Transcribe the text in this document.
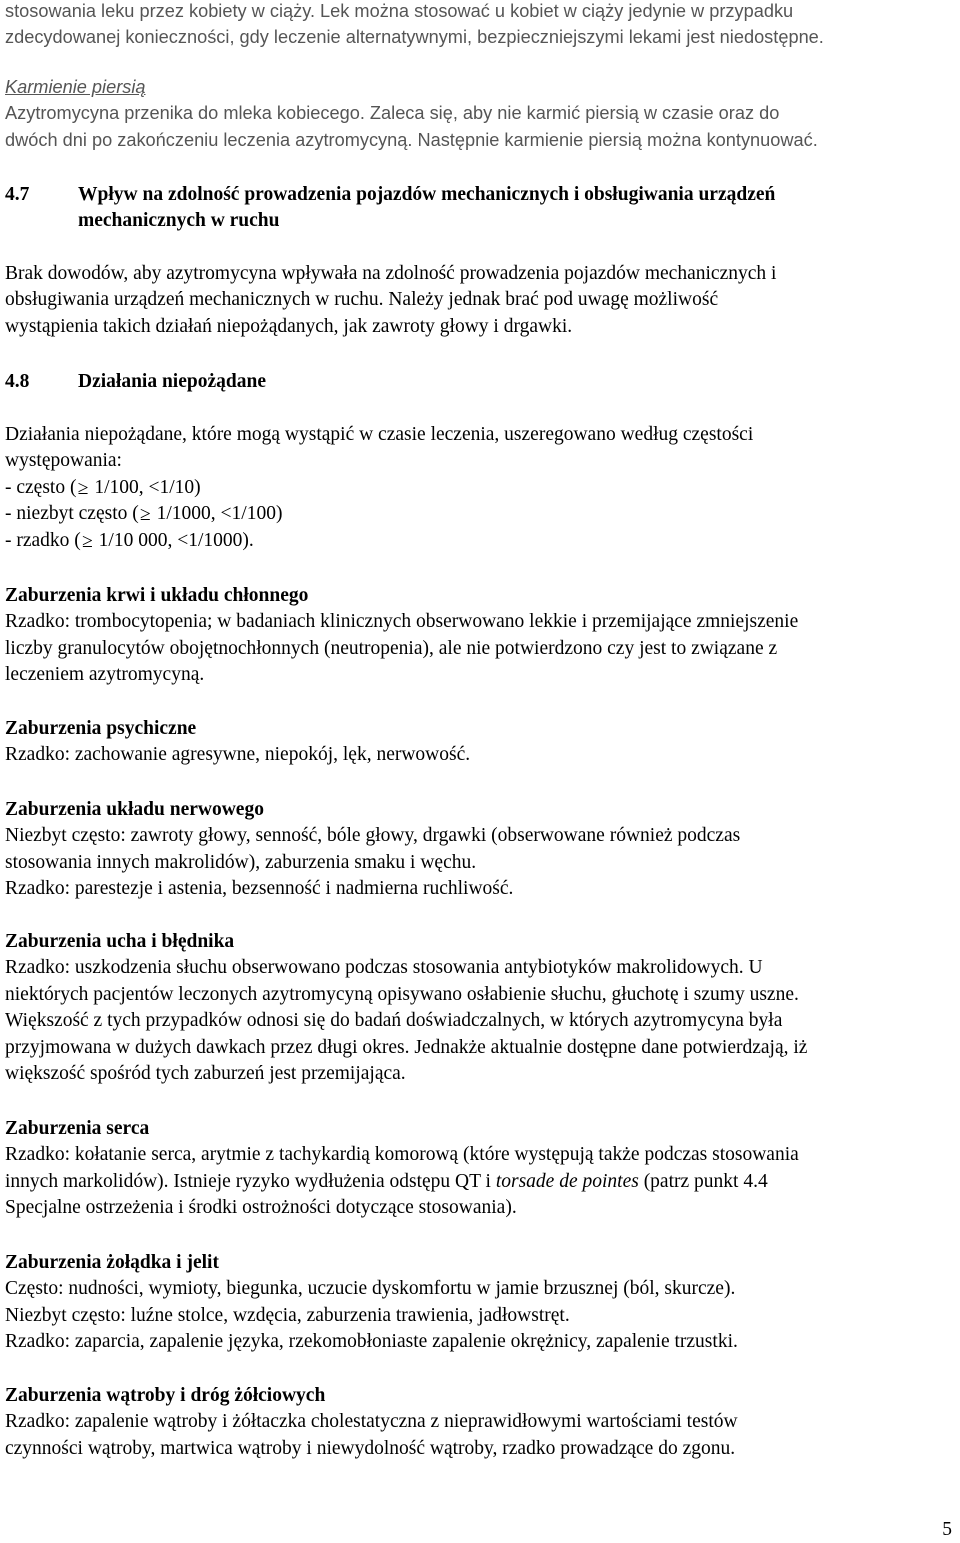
stosowania leku przez kobiety w ciąży. Lek można stosować u kobiet w ciąży jedynie w przypadku
zdecydowanej konieczności, gdy leczenie alternatywnymi, bezpieczniejszymi lekami jest niedostępne.
Karmienie piersią
Azytromycyna przenika do mleka kobiecego. Zaleca się, aby nie karmić piersią w czasie oraz do
dwóch dni po zakończeniu leczenia azytromycyną. Następnie karmienie piersią można kontynuować.
4.7 Wpływ na zdolność prowadzenia pojazdów mechanicznych i obsługiwania urządzeń
mechanicznych w ruchu
Brak dowodów, aby azytromycyna wpływała na zdolność prowadzenia pojazdów mechanicznych i
obsługiwania urządzeń mechanicznych w ruchu. Należy jednak brać pod uwagę możliwość
wystąpienia takich działań niepożądanych, jak zawroty głowy i drgawki.
4.8 Działania niepożądane
Działania niepożądane, które mogą wystąpić w czasie leczenia, uszeregowano według częstości
występowania:
- często (≥ 1/100, <1/10)
- niezbyt często (≥ 1/1000, <1/100)
- rzadko (≥ 1/10 000, <1/1000).
Zaburzenia krwi i układu chłonnego
Rzadko: trombocytopenia; w badaniach klinicznych obserwowano lekkie i przemijające zmniejszenie
liczby granulocytów obojętnochłonnych (neutropenia), ale nie potwierdzono czy jest to związane z
leczeniem azytromycyną.
Zaburzenia psychiczne
Rzadko: zachowanie agresywne, niepokój, lęk, nerwowość.
Zaburzenia układu nerwowego
Niezbyt często: zawroty głowy, senność, bóle głowy, drgawki (obserwowane również podczas
stosowania innych makrolidów), zaburzenia smaku i węchu.
Rzadko: parestezje i astenia, bezsenność i nadmierna ruchliwość.
Zaburzenia ucha i błędnika
Rzadko: uszkodzenia słuchu obserwowano podczas stosowania antybiotyków makrolidowych. U
niektórych pacjentów leczonych azytromycyną opisywano osłabienie słuchu, głuchotę i szumy uszne.
Większość z tych przypadków odnosi się do badań doświadczalnych, w których azytromycyna była
przyjmowana w dużych dawkach przez długi okres. Jednakże aktualnie dostępne dane potwierdzają, iż
większość spośród tych zaburzeń jest przemijająca.
Zaburzenia serca
Rzadko: kołatanie serca, arytmie z tachykardią komorową (które występują także podczas stosowania
innych markolidów). Istnieje ryzyko wydłużenia odstępu QT i torsade de pointes (patrz punkt 4.4
Specjalne ostrzeżenia i środki ostrożności dotyczące stosowania).
Zaburzenia żołądka i jelit
Często: nudności, wymioty, biegunka, uczucie dyskomfortu w jamie brzusznej (ból, skurcze).
Niezbyt często: luźne stolce, wzdęcia, zaburzenia trawienia, jadłowstręt.
Rzadko: zaparcia, zapalenie języka, rzekomobłoniaste zapalenie okrężnicy, zapalenie trzustki.
Zaburzenia wątroby i dróg żółciowych
Rzadko: zapalenie wątroby i żółtaczka cholestatyczna z nieprawidłowymi wartościami testów
czynności wątroby, martwica wątroby i niewydolność wątroby, rzadko prowadzące do zgonu.
5
